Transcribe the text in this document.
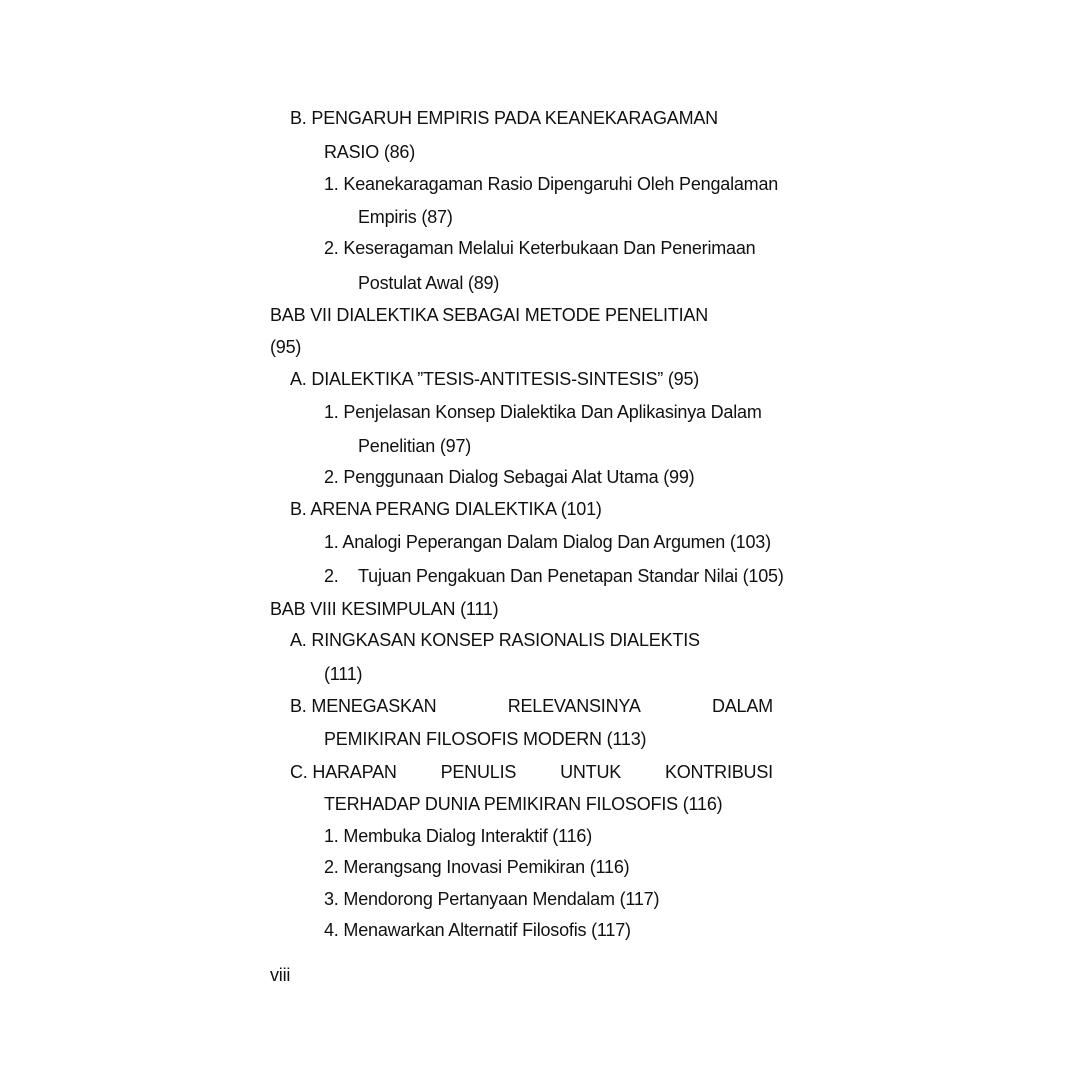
B. PENGARUH EMPIRIS PADA KEANEKARAGAMAN
RASIO (86)
1. Keanekaragaman Rasio Dipengaruhi Oleh Pengalaman
Empiris (87)
2. Keseragaman Melalui Keterbukaan Dan Penerimaan
Postulat Awal (89)
BAB VII DIALEKTIKA SEBAGAI METODE PENELITIAN
(95)
A. DIALEKTIKA ”TESIS-ANTITESIS-SINTESIS” (95)
1. Penjelasan Konsep Dialektika Dan Aplikasinya Dalam
Penelitian (97)
2. Penggunaan Dialog Sebagai Alat Utama (99)
B. ARENA PERANG DIALEKTIKA (101)
1. Analogi Peperangan Dalam Dialog Dan Argumen (103)
2. Tujuan Pengakuan Dan Penetapan Standar Nilai (105)
BAB VIII KESIMPULAN (111)
A. RINGKASAN KONSEP RASIONALIS DIALEKTIS
(111)
B. MENEGASKAN	RELEVANSINYA	DALAM
PEMIKIRAN FILOSOFIS MODERN (113)
C. HARAPAN PENULIS UNTUK KONTRIBUSI
TERHADAP DUNIA PEMIKIRAN FILOSOFIS (116)
1. Membuka Dialog Interaktif (116)
2. Merangsang Inovasi Pemikiran (116)
3. Mendorong Pertanyaan Mendalam (117)
4. Menawarkan Alternatif Filosofis (117)
viii
